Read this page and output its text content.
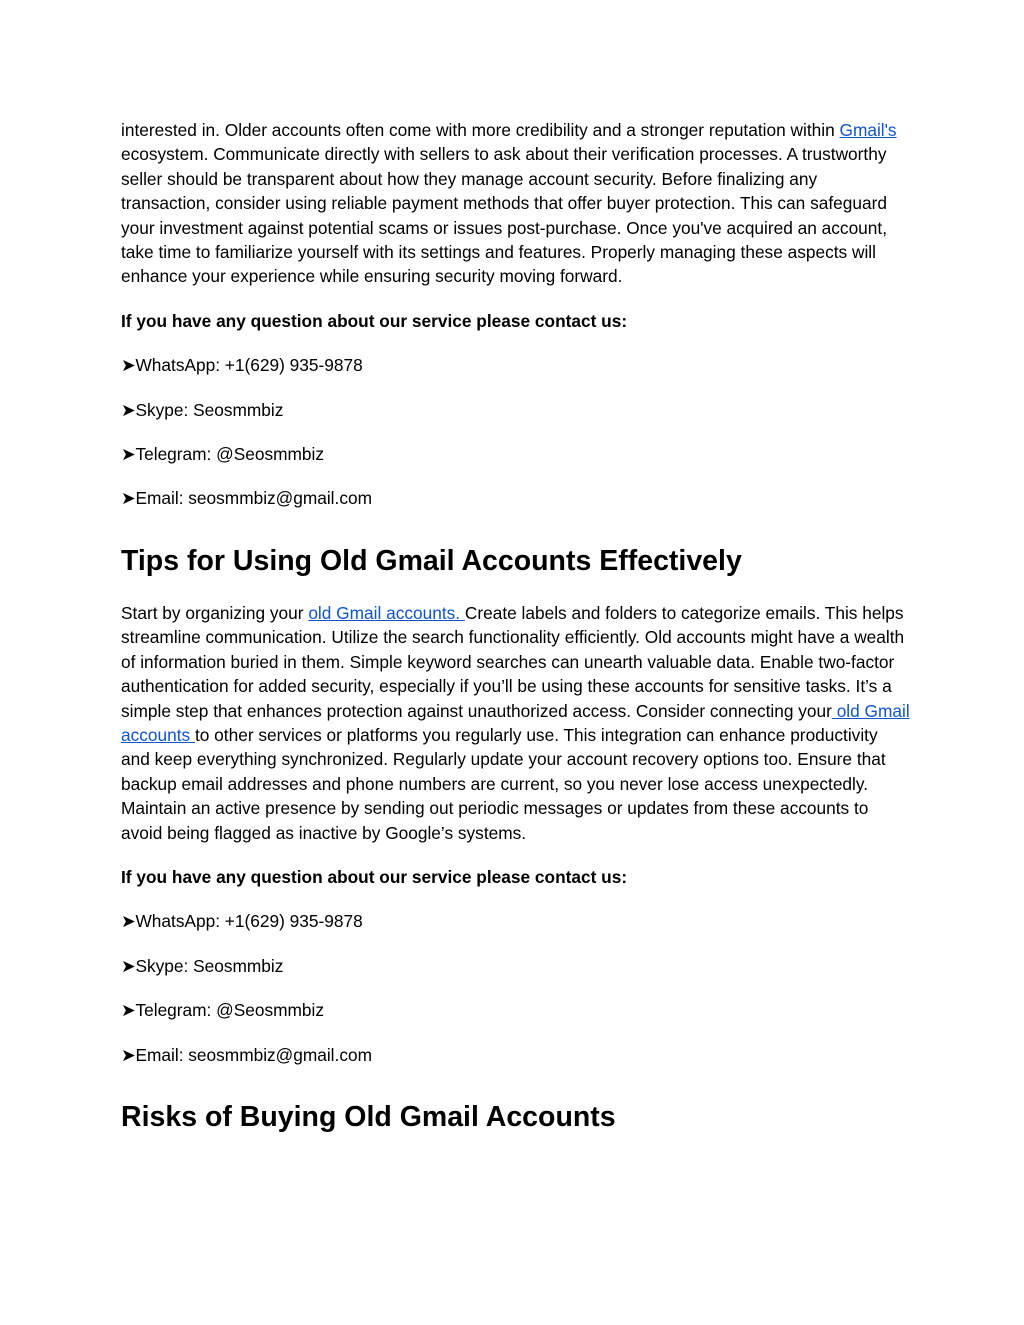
interested in. Older accounts often come with more credibility and a stronger reputation within Gmail's ecosystem. Communicate directly with sellers to ask about their verification processes. A trustworthy seller should be transparent about how they manage account security. Before finalizing any transaction, consider using reliable payment methods that offer buyer protection. This can safeguard your investment against potential scams or issues post-purchase. Once you've acquired an account, take time to familiarize yourself with its settings and features. Properly managing these aspects will enhance your experience while ensuring security moving forward.

If you have any question about our service please contact us:

➤WhatsApp: +1(629) 935-9878

➤Skype: Seosmmbiz

➤Telegram: @Seosmmbiz

➤Email: seosmmbiz@gmail.com

Tips for Using Old Gmail Accounts Effectively

Start by organizing your old Gmail accounts. Create labels and folders to categorize emails. This helps streamline communication. Utilize the search functionality efficiently. Old accounts might have a wealth of information buried in them. Simple keyword searches can unearth valuable data. Enable two-factor authentication for added security, especially if you’ll be using these accounts for sensitive tasks. It’s a simple step that enhances protection against unauthorized access. Consider connecting your old Gmail accounts to other services or platforms you regularly use. This integration can enhance productivity and keep everything synchronized. Regularly update your account recovery options too. Ensure that backup email addresses and phone numbers are current, so you never lose access unexpectedly. Maintain an active presence by sending out periodic messages or updates from these accounts to avoid being flagged as inactive by Google’s systems.

If you have any question about our service please contact us:

➤WhatsApp: +1(629) 935-9878

➤Skype: Seosmmbiz

➤Telegram: @Seosmmbiz

➤Email: seosmmbiz@gmail.com

Risks of Buying Old Gmail Accounts
